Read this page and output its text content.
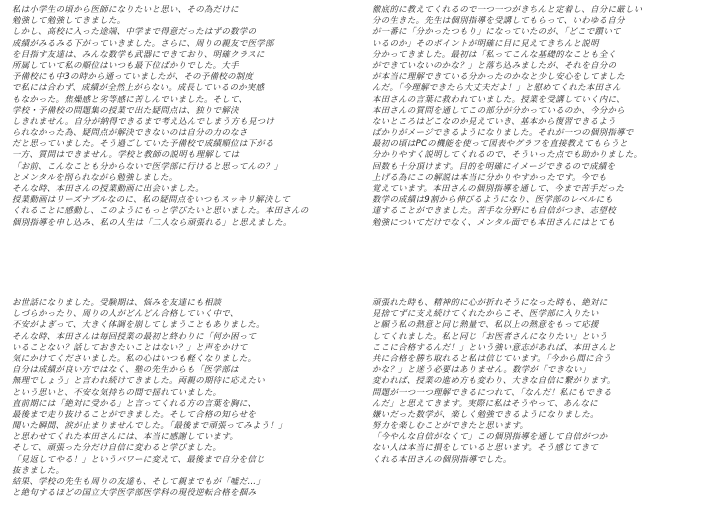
私は小学生の頃から医師になりたいと思い、その為だけに
勉強して勉強してきました。
しかし、高校に入った途端、中学まで得意だったはずの数学の
成績がみるみる下がっていきました。さらに、周りの親友で医学部
を目指す友達は、みんな数学も武器にできており、明確クラスに
所属していて私の順位はいつも最下位ばかりでした。大手
予備校にも中3の時から通っていましたが、その予備校の制度
で私には合わず、成績が全然上がらない。成長しているのか実感
もなかった。焦燥感と劣等感に苦しんでいました。そして、
学校・予備校の問題集の授業で出た疑問点は、独りで解決
しきれません。自分が納得できるまで考え込んでしまう方も見つけ
られなかった為、疑問点が解決できないのは自分の力のなさ
だと思っていました。そう過ごしていた予備校で成績順位は下がる
一方、質問はできません。学校と教師の説明も理解しては
「お前、こんなことも分からないで医学部に行けると思ってんの？」
とメンタルを削られながら勉強しました。
そんな時、本田さんの授業動画に出会いました。
授業動画はリーズナブルなのに、私の疑問点をいつもスッキリ解決して
くれることに感動し、このようにもっと学びたいと思いました。本田さんの
個別指導を申し込み、私の人生は「二人なら頑張れる」と思えました。
徹底的に教えてくれるので一つ一つがきちんと定着し、自分に厳しい
分の生きた。先生は個別指導を受講してもらって、いわゆる自分
が一番に「分かったつもり」になっていたのが、「どこで躓いて
いるのか」そのポイントが明確に目に見えてきちんと説明
分かってきました。最初は「私ってこんな基礎的なことも全く
ができていないのかな？」と落ち込みましたが、それを自分の
が本当に理解できている分かったのかなと少し安心をしてました
んだ。「今理解できたら大丈夫だよ！」と慰めてくれた本田さん
本田さんの言葉に救われていました。授業を受講していく内に、
本田さんの質問を通してこの部分が分かっているのか、今分から
ないところはどこなのか見えていき、基本から復習できるよう
ばかりがメージできるようになりました。それが一つの個別指導で
最初の頃はPCの機能を使って図表やグラフを直接教えてもらうと
分かりやすく説明してくれるので、そういった点でも助かりました。
回数も十分頂けます。目的を明確にイメージできるので成績を
上げる為にこの解説は本当に分かりやすかったです。今でも
覚えています。本田さんの個別指導を通して、今まで苦手だった
数学の成績は9割から伸びるようになり、医学部のレベルにも
達することができました。苦手な分野にも自信がつき、志望校
勉強についてだけでなく、メンタル面でも本田さんにはとても
お世話になりました。受験期は、悩みを友達にも相談
しづらかったり、周りの人がどんどん合格していく中で、
不安がよぎって、大きく体調を崩してしまうこともありました。
そんな時、本田さんは毎回授業の最初と終わりに「何か困って
いることない？話しておきたいことはない？」と声をかけて
気にかけてくださいました。私の心はいつも軽くなりました。
自分は成績が良い方ではなく、塾の先生からも「医学部は
無理でしょう」と言われ続けてきました。両親の期待に応えたい
という思いと、不安な気持ちの間で揺れていました。
直前期には「絶対に受かる」と言ってくれる方の言葉を胸に、
最後まで走り抜けることができました。そして合格の知らせを
聞いた瞬間、涙が止まりませんでした。「最後まで頑張ってみよう！」
と思わせてくれた本田さんには、本当に感謝しています。
そして、頑張った分だけ自信に変わると学びました。
「見返してやる！」というパワーに変えて、最後まで自分を信じ
抜きました。
結果、学校の先生も周りの友達も、そして親までもが「嘘だ…」
と絶句するほどの国立大学医学部医学科の現役逆転合格を掴み
頑張れた時も、精神的に心が折れそうになった時も、絶対に
見捨てずに支え続けてくれたからこそ、医学部に入りたい
と願う私の熱意と同じ熱量で、私以上の熱意をもって応援
してくれました。私と同じ「お医者さんになりたい」という
ここに合格するんだ！」という強い意志があれば、本田さんと
共に合格を勝ち取れると私は信じています。「今から間に合う
かな？」と迷う必要はありません。数学が「できない」
変われば、授業の進め方も変わり、大きな自信に繋がります。
問題が一つ一つ理解できるにつれて、「なんだ！私にもできる
んだ」と思えてきます。実際に私はそうやって、あんなに
嫌いだった数学が、楽しく勉強できるようになりました。
努力を楽しむことができたと思います。
「今やんな自信がなくて」この個別指導を通して自信がつか
ない人は本当に損をしていると思います。そう感じてきて
くれる本田さんの個別指導でした。
